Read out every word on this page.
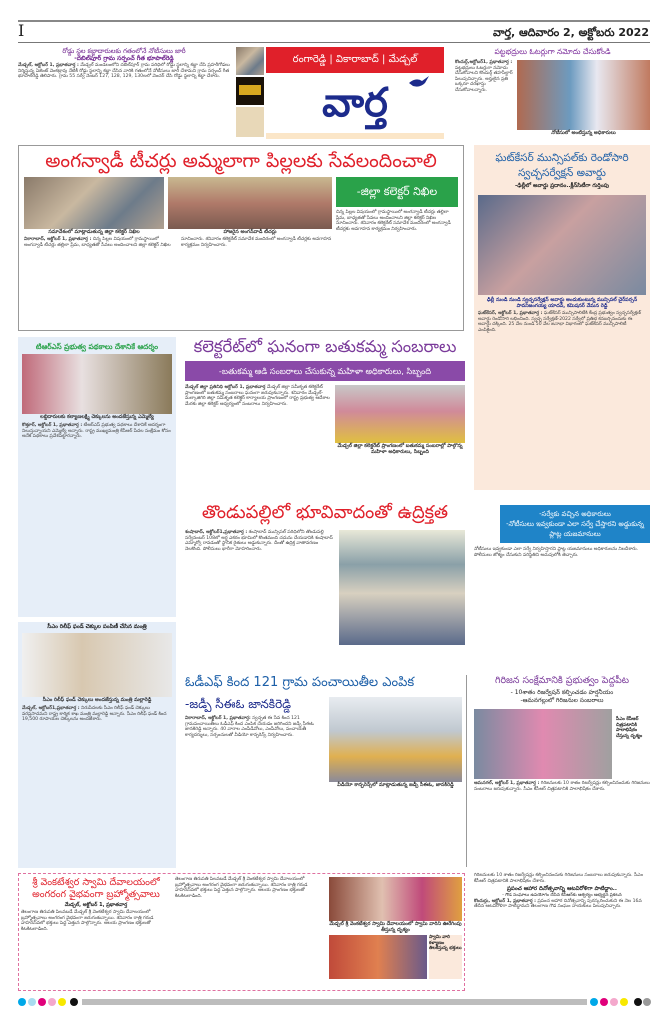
I	వార్త, ఆదివారం 2, అక్టోబరు 2022
రోడ్డు స్థల కబ్జాదారులకు గతంలోనే నోటీసులు జారీ
-దబిల్‌పూర్ గ్రామ సర్పంచ్ గీత భూపాల్‌రెడ్డి
మేడ్చల్, అక్టోబర్ 1, ప్రభాతవార్త : మేడ్చల్ మండలంలోని దబిల్‌పూర్ గ్రామ పరిధిలో రోడ్డు స్థలాన్ని కబ్జా చేసి ప్రహరీగోడలు నిర్మిస్తున్న ఏజెంట్ వెంకట్రావు నేటికీ రోడ్డు స్థలాన్ని కబ్జా చేసిన వారికి గతంలోనే నోటీసులు జారీ చేశామని గ్రామ సర్పంచ్ గీత భూపాల్‌రెడ్డి తెలిపారు. గ్రామ 55 సర్వే నెంబర్ 127, 128, 129, 130లలో వెంచర్ చేసి రోడ్డు స్థలాన్ని కబ్జా చేశారు.
రంగారెడ్డి | వికారాబాద్ | మేడ్చల్
వార్త
పట్టభద్రులు ఓటర్లుగా నమోదు చేసుకోండి
కొందుర్గ్,అక్టోబర్1, ప్రభాతవార్త : పట్టభద్రులు ఓటర్లుగా నమోదు చేసుకోవాలని కొందుర్గ్ తహసీల్దార్ పిలుపునిచ్చారు. అర్హులైన ప్రతి ఒక్కరూ దరఖాస్తు చేసుకోవాలన్నారు.
నోటీసులో అంటిస్తున్న అధికారులు
అంగన్వాడీ టీచర్లు అమ్మలాగా పిల్లలకు సేవలందించాలి
సమావేశంలో మాట్లాడుతున్న జిల్లా కలెక్టర్ నిఖిల	హాజరైన అంగన్‌వాడీ టీచర్లు
వికారాబాద్, అక్టోబర్ 1, ప్రభాతవార్త : చిన్న పిల్లల విషయంలో గ్రామస్థాయిలో అంగన్వాడీ టీచర్లు తల్లిలా ప్రేమ, బాధ్యతతో సేవలు అందించాలని జిల్లా కలెక్టర్ నిఖిల సూచించారు. శనివారం కలెక్టరేట్ సమావేశ మందిరంలో అంగన్వాడీ టీచర్లకు అవగాహన కార్యక్రమం నిర్వహించారు.
-జిల్లా కలెక్టర్ నిఖిల
చిన్న పిల్లల విషయంలో గ్రామస్థాయిలో అంగన్వాడీ టీచర్లు తల్లిలా ప్రేమ, బాధ్యతతో సేవలు అందించాలని జిల్లా కలెక్టర్ నిఖిల సూచించారు. శనివారం కలెక్టరేట్ సమావేశ మందిరంలో అంగన్వాడీ టీచర్లకు అవగాహన కార్యక్రమం నిర్వహించారు.
ఘట్‌కేసర్ మున్సిపల్‌కు రెండోసారి స్వచ్ఛసర్వేక్షన్ అవార్డు
-ఢిల్లీలో అవార్డు ప్రదానం..క్లీన్‌సిటీగా గుర్తింపు
ఢిల్లీ నుండి నుండి స్వచ్ఛసర్వేక్షన్ అవార్డు అందుకుంటున్న మున్సిపల్ చైర్‌పర్సన్ పావనిజంగయ్య యాదవ్, కమిషనర్ వేమన రెడ్డి
ఘట్‌కేసర్, అక్టోబర్ 1, ప్రభాతవార్త : ఘట్‌కేసర్ మున్సిపాలిటీకి కేంద్ర ప్రభుత్వం స్వచ్ఛసర్వేక్షణ్ అవార్డు రెండోసారి లభించింది. స్వచ్ఛ సర్వేక్షణ్-2022 సర్వేలో ప్రతిభ కనబర్చినందుకు ఈ అవార్డు దక్కింది. 25 వేల నుండి 50 వేల జనాభా విభాగంలో ఘట్‌కేసర్ మున్సిపాలిటీ ఎంపికైంది.
టిఆర్ఎస్ ప్రభుత్వ పథకాలు దేశానికే ఆదర్శం
లబ్దిదారులకు కల్యాణలక్ష్మి చెక్కులను అందజేస్తున్న ఎమ్మెల్యే
కొత్తూర్, అక్టోబర్ 1, ప్రభాతవార్త : టీఆర్ఎస్ ప్రభుత్వ పథకాలు దేశానికే ఆదర్శంగా నిలుస్తున్నాయని ఎమ్మెల్యే అన్నారు. రాష్ట్ర ముఖ్యమంత్రి కేసీఆర్ పేదల సంక్షేమం కోసం అనేక పథకాలు ప్రవేశపెట్టారన్నారు.
కలెక్టరేట్‌లో ఘనంగా బతుకమ్మ సంబరాలు
-బతుకమ్మ ఆడి సంబరాలు చేసుకున్న మహిళా అధికారులు, సిబ్బంది
మేడ్చల్ జిల్లా ప్రతినిధి అక్టోబర్ 1, ప్రభాతవార్త మేడ్చల్ జిల్లా సమీకృత కలెక్టరేట్ ప్రాంగణంలో బతుకమ్మ సంబరాలు ఘనంగా జరుపుకున్నారు. శనివారం మేడ్చల్-మల్కాజిగిరి జిల్లా సమీకృత కలెక్టర్ కార్యాలయ ప్రాంగణంలో రాష్ట్ర ప్రభుత్వ ఆదేశాల మేరకు జిల్లా కలెక్టర్ ఆధ్వర్యంలో సంబరాలు నిర్వహించారు.
మేడ్చల్ జిల్లా కలెక్టరేట్ ప్రాంగణంలో బతుకమ్మ సంబరాల్లో పాల్గొన్న మహిళా అధికారులు, సిబ్బంది
తొండుపల్లిలో భూవివాదంతో ఉద్రిక్తత
శంషాబాద్, అక్టోబర్1,ప్రభాతవార్త : శంషాబాద్ మున్సిపల్ పరిధిలోని తొండుపల్లి సర్వేనంబర్ 108లో అర్ధ ఎకరం భూమిలో కొంతమంది చదును చేయడానికి శంషాబాద్ ఎమ్మార్వో రావడంతో స్థానిక రైతులు అడ్డుకున్నారు. దీంతో ఉద్రిక్త వాతావరణం నెలకొంది. పోలీసులు భారీగా మోహరించారు.
-సర్వేకు వచ్చిన అధికారులు
-నోటీసులు ఇవ్వకుండా ఎలా సర్వే చేస్తారని అడ్డుకున్న ప్లాట్ల యజమానులు
నోటీసులు ఇవ్వకుండా ఎలా సర్వే నిర్వహిస్తారని ప్లాట్ల యజమానులు అధికారులను నిలదీశారు. పోలీసులు జోక్యం చేసుకుని పరిస్థితిని అదుపులోకి తెచ్చారు.
సీఎం రిలీఫ్ ఫండ్ చెక్కుల పంపిణీ చేసిన మంత్రి
సీఎం రిలీఫ్ ఫండ్ చెక్కులు అందజేస్తున్న మంత్రి మల్లారెడ్డి
మేడ్చల్, అక్టోబర్1,ప్రభాతవార్త : నిరుపేదలకు సీఎం రిలీఫ్ ఫండ్ చెక్కులు వరప్రసాదమని రాష్ట్ర కార్మిక శాఖ మంత్రి మల్లారెడ్డి అన్నారు. సీఎం రిలీఫ్ ఫండ్ కింద 19,500 రూపాయల చెక్కులను అందజేశారు.
ఓడీఎఫ్ కింద 121 గ్రామ పంచాయితీల ఎంపిక
-జడ్పీ సీఈఓ జానకిరెడ్డి
వికారాబాద్, అక్టోబర్ 1, ప్రభాతవార్త: స్వచ్ఛత ఈ సేవ కింద 121 గ్రామపంచాయితీలు ఓడీఎఫ్ కింద ఎంపిక చేయడం జరిగిందని జడ్పీ సీఈఓ జానకిరెడ్డి అన్నారు. 40 వారాల ఎంపీడీవోలు, ఎంపీవోలు, పంచాయతీ కార్యదర్శులు, సర్పంచులతో వీడియో కాన్ఫరెన్స్ నిర్వహించారు.
వీడియో కాన్ఫరెన్స్‌లో మాట్లాడుతున్న జడ్పీ సీఈఓ, జానకిరెడ్డి
గిరిజన సంక్షేమానికి ప్రభుత్వం పెద్దపీట
- 10శాతం రిజర్వేషన్ కల్పించడం హర్షనీయం
-ఆమనగల్లులో గిరిజనుల సంబరాలు
సీఎం కేసీఆర్ చిత్రపటానికి పాలాభిషేకం చేస్తున్న దృశ్యం
ఆమనగల్, అక్టోబర్ 1, ప్రభాతవార్త : గిరిజనులకు 10 శాతం రిజర్వేషన్లు కల్పించినందుకు గిరిజనులు సంబరాలు జరుపుకున్నారు. సీఎం కేసీఆర్ చిత్రపటానికి పాలాభిషేకం చేశారు.
శ్రీ వెంకటేశ్వర స్వామి దేవాలయంలో
అంగరంగ వైభవంగా బ్రహ్మోత్సవాలు
మేడ్చల్, అక్టోబర్ 1, ప్రభాతవార్త
తెలంగాణ తిరుపతి పిలవబడే మేడ్చల్ శ్రీ వెంకటేశ్వర స్వామి దేవాలయంలో బ్రహ్మోత్సవాలు అంగరంగ వైభవంగా జరుగుతున్నాయి. శనివారం రాత్రి గరుడ వాహనసేవలో భక్తులు పెద్ద ఎత్తున పాల్గొన్నారు. ఆలయ ప్రాంగణం భక్తులతో కిటకిటలాడింది.
తెలంగాణ తిరుపతి పిలవబడే మేడ్చల్ శ్రీ వెంకటేశ్వర స్వామి దేవాలయంలో బ్రహ్మోత్సవాలు అంగరంగ వైభవంగా జరుగుతున్నాయి. శనివారం రాత్రి గరుడ వాహనసేవలో భక్తులు పెద్ద ఎత్తున పాల్గొన్నారు. ఆలయ ప్రాంగణం భక్తులతో కిటకిటలాడింది.
మేడ్చల్ శ్రీ వెంకటేశ్వర స్వామి దేవాలయంలో స్వామి వారిని ఊరేగింపు తీస్తున్న దృశ్యం
స్వామి వారి కళ్యాణం తిలకిస్తున్న భక్తులు
గిరిజనులకు 10 శాతం రిజర్వేషన్లు కల్పించినందుకు గిరిజనులు సంబరాలు జరుపుకున్నారు. సీఎం కేసీఆర్ చిత్రపటానికి పాలాభిషేకం చేశారు.
ప్రపంచ ఆహార దినోత్సవాన్ని ఆటవిరోళిగా పాటిద్దాం..
- గౌడ సంఘాలు ఉపయోగం చేసిన కేసీఆర్‌కు ఆశ్వర్యం అభ్యర్థన ప్రకటన
కొందుర్గు, అక్టోబర్ 1, ప్రభాతవార్త : ప్రపంచ ఆహార దినోత్సవాన్ని పురస్కరించుకుని ఈ నెల 16వ తేదీన ఆటవిరోళిగా పాటిద్దామని తెలంగాణ గౌడ సంఘం నాయకులు పిలుపునిచ్చారు.
